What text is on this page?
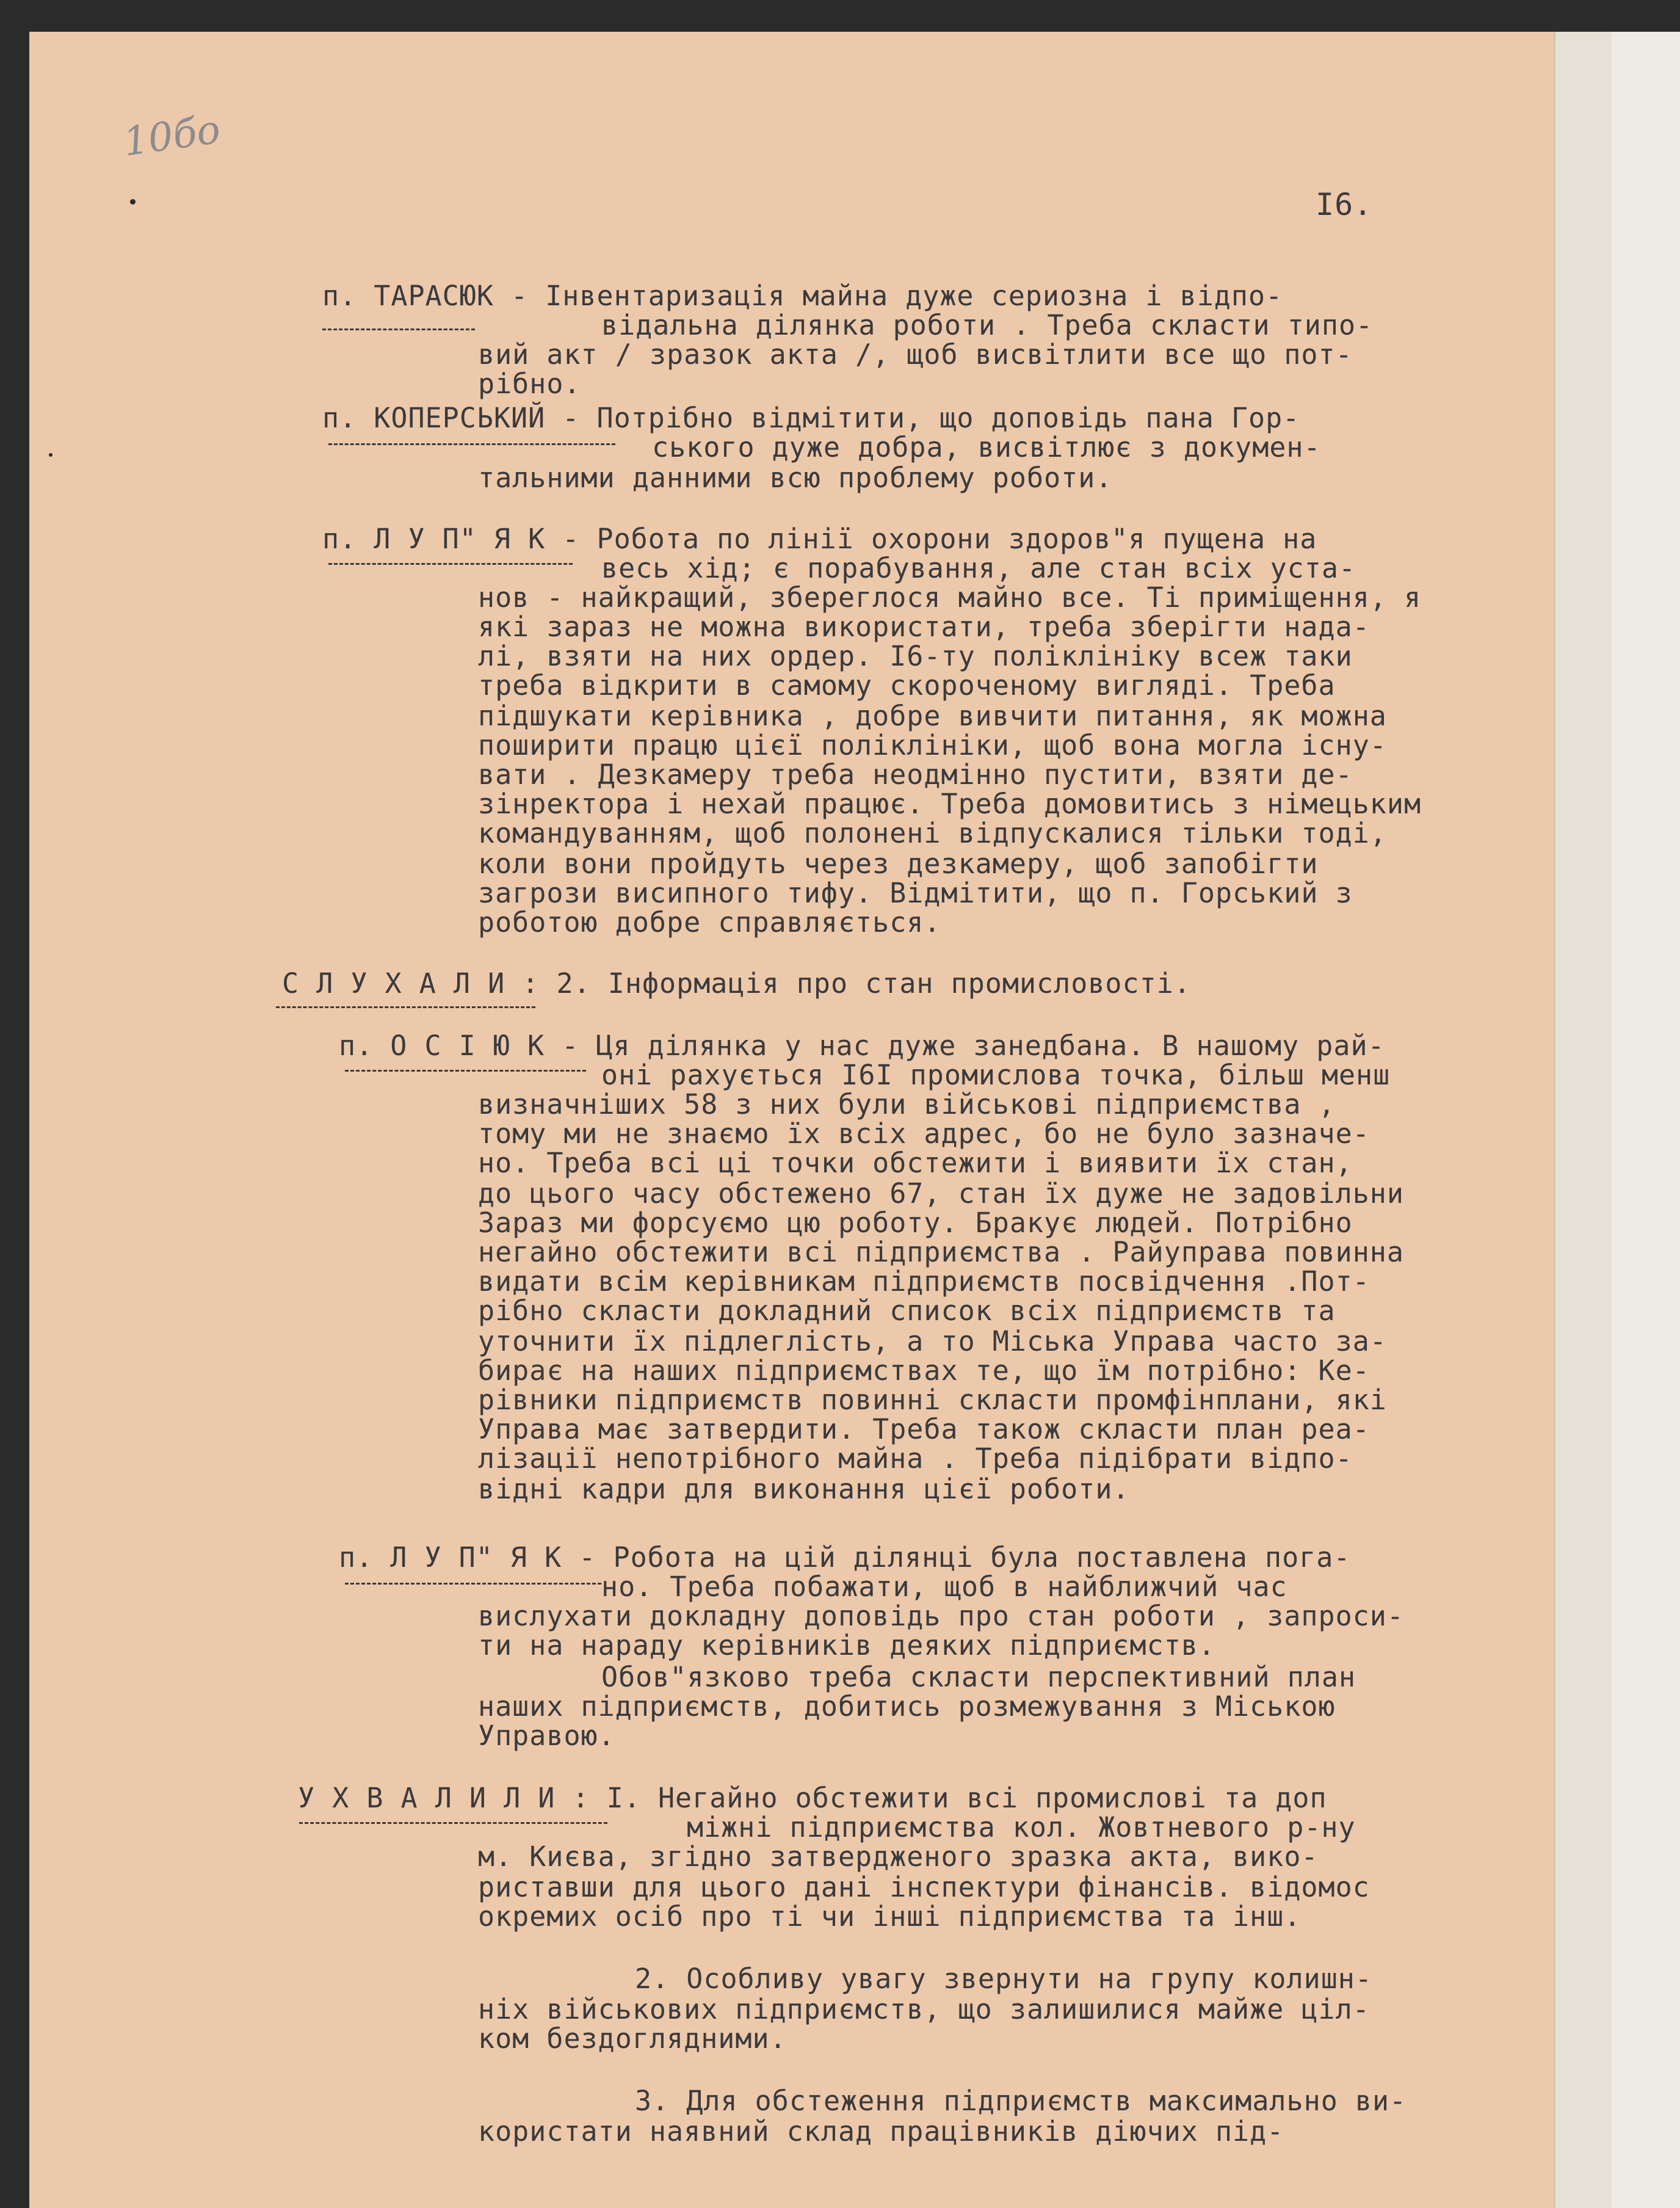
10бо
I6.
п. ТАРАСЮК - Інвентаризація майна дуже сериозна і відпо-
відальна ділянка роботи . Треба скласти типо-
вий акт / зразок акта /, щоб висвітлити все що пот-
рібно.
п. КОПЕРСЬКИЙ - Потрібно відмітити, що доповідь пана Гор-
ського дуже добра, висвітлює з докумен-
тальними данними всю проблему роботи.
п. Л У П" Я К - Робота по лінії охорони здоров"я пущена на
весь хід; є порабування, але стан всіх уста-
нов - найкращий, збереглося майно все. Ті приміщення, я
які зараз не можна використати, треба зберігти нада-
лі, взяти на них ордер. I6-ту поліклініку всеж таки
треба відкрити в самому скороченому вигляді. Треба
підшукати керівника , добре вивчити питання, як можна
поширити працю цієї поліклініки, щоб вона могла існу-
вати . Дезкамеру треба неодмінно пустити, взяти де-
зінректора і нехай працює. Треба домовитись з німецьким
командуванням, щоб полонені відпускалися тільки тоді,
коли вони пройдуть через дезкамеру, щоб запобігти
загрози висипного тифу. Відмітити, що п. Горський з
роботою добре справляється.
С Л У Х А Л И : 2. Інформація про стан промисловості.
п. О С І Ю К - Ця ділянка у нас дуже занедбана. В нашому рай-
оні рахується I6I промислова точка, більш менш
визначніших 58 з них були військові підприємства ,
тому ми не знаємо їх всіх адрес, бо не було зазначе-
но. Треба всі ці точки обстежити і виявити їх стан,
до цього часу обстежено 67, стан їх дуже не задовільни
Зараз ми форсуємо цю роботу. Бракує людей. Потрібно
негайно обстежити всі підприємства . Райуправа повинна
видати всім керівникам підприємств посвідчення .Пот-
рібно скласти докладний список всіх підприємств та
уточнити їх підлеглість, а то Міська Управа часто за-
бирає на наших підприємствах те, що їм потрібно: Ке-
рівники підприємств повинні скласти промфінплани, які
Управа має затвердити. Треба також скласти план реа-
лізації непотрібного майна . Треба підібрати відпо-
відні кадри для виконання цієї роботи.
п. Л У П" Я К - Робота на цій ділянці була поставлена пога-
но. Треба побажати, щоб в найближчий час
вислухати докладну доповідь про стан роботи , запроси-
ти на нараду керівників деяких підприємств.
Обов"язково треба скласти перспективний план
наших підприємств, добитись розмежування з Міською
Управою.
У Х В А Л И Л И : I. Негайно обстежити всі промислові та доп
міжні підприємства кол. Жовтневого р-ну
м. Києва, згідно затвердженого зразка акта, вико-
риставши для цього дані інспектури фінансів. відомос
окремих осіб про ті чи інші підприємства та інш.
2. Особливу увагу звернути на групу колишн-
ніх військових підприємств, що залишилися майже ціл-
ком бездоглядними.
3. Для обстеження підприємств максимально ви-
користати наявний склад працівників діючих під-
